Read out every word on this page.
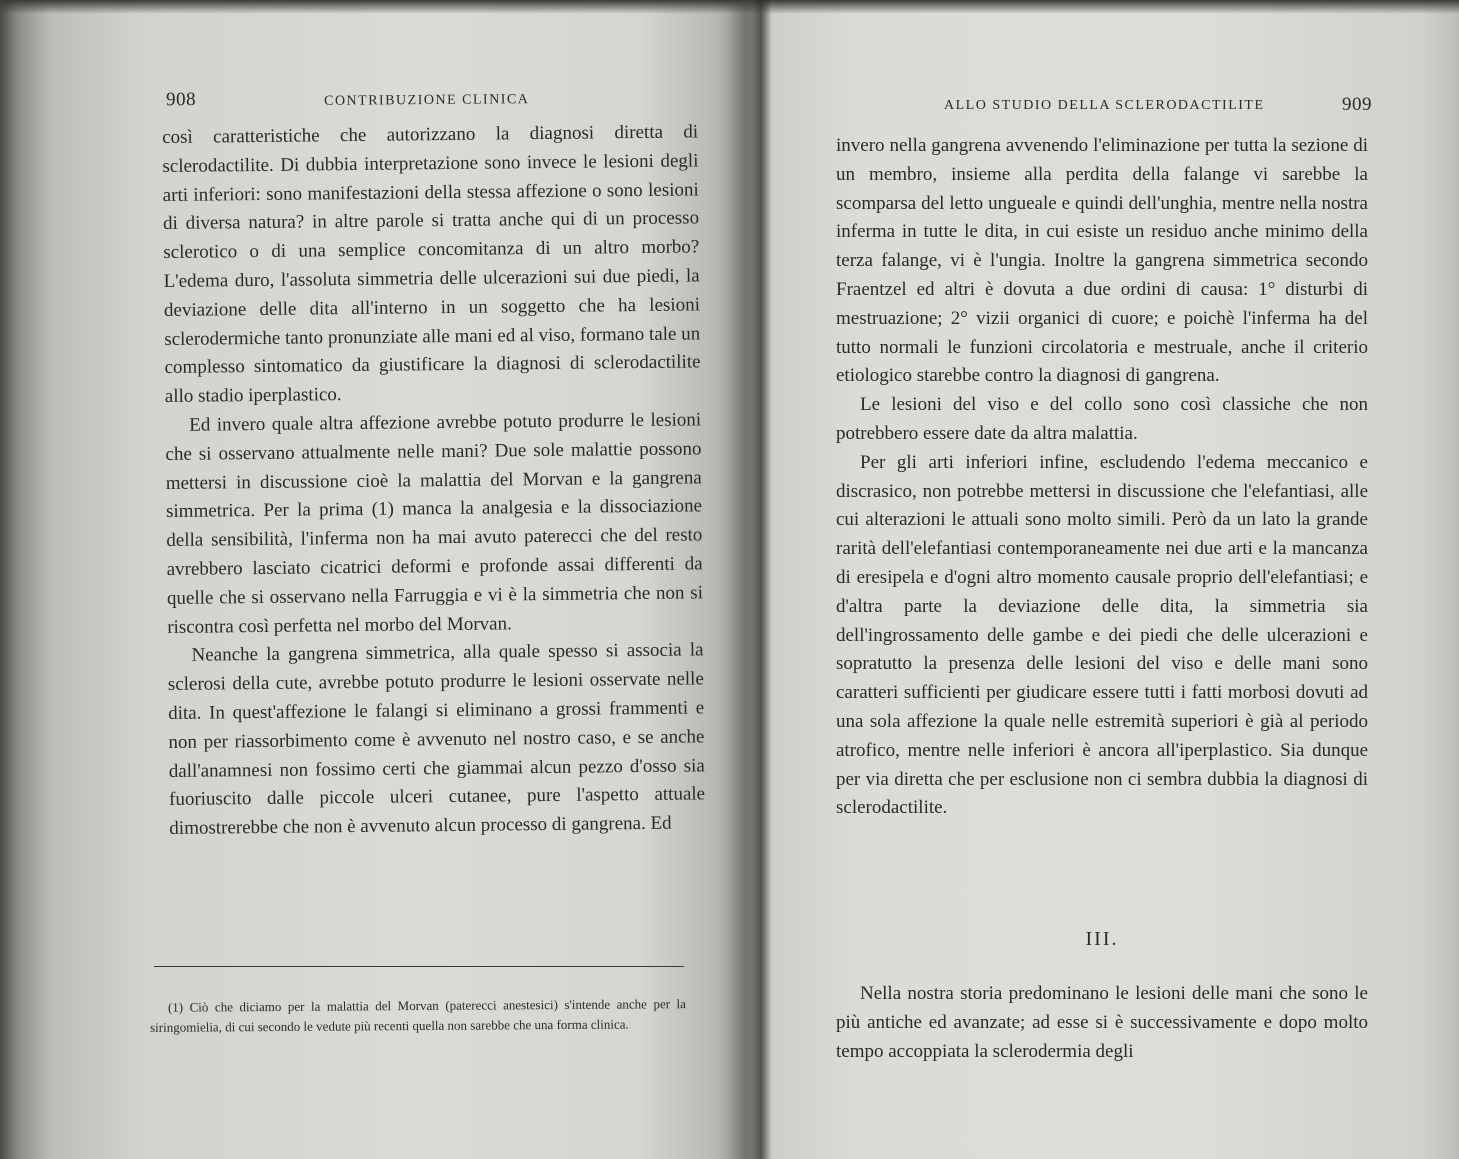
908	CONTRIBUZIONE CLINICA

così caratteristiche che autorizzano la diagnosi diretta di sclerodactilite. Di dubbia interpretazione sono invece le lesioni degli arti inferiori: sono manifestazioni della stessa affezione o sono lesioni di diversa natura? in altre parole si tratta anche qui di un processo sclerotico o di una semplice concomitanza di un altro morbo? L'edema duro, l'assoluta simmetria delle ulcerazioni sui due piedi, la deviazione delle dita all'interno in un soggetto che ha lesioni sclerodermiche tanto pronunziate alle mani ed al viso, formano tale un complesso sintomatico da giustificare la diagnosi di sclerodactilite allo stadio iperplastico.

Ed invero quale altra affezione avrebbe potuto produrre le lesioni che si osservano attualmente nelle mani? Due sole malattie possono mettersi in discussione cioè la malattia del Morvan e la gangrena simmetrica. Per la prima (1) manca la analgesia e la dissociazione della sensibilità, l'inferma non ha mai avuto paterecci che del resto avrebbero lasciato cicatrici deformi e profonde assai differenti da quelle che si osservano nella Farruggia e vi è la simmetria che non si riscontra così perfetta nel morbo del Morvan.

Neanche la gangrena simmetrica, alla quale spesso si associa la sclerosi della cute, avrebbe potuto produrre le lesioni osservate nelle dita. In quest'affezione le falangi si eliminano a grossi frammenti e non per riassorbimento come è avvenuto nel nostro caso, e se anche dall'anamnesi non fossimo certi che giammai alcun pezzo d'osso sia fuoriuscito dalle piccole ulceri cutanee, pure l'aspetto attuale dimostrerebbe che non è avvenuto alcun processo di gangrena. Ed

(1) Ciò che diciamo per la malattia del Morvan (paterecci anestesici) s'intende anche per la siringomielia, di cui secondo le vedute più recenti quella non sarebbe che una forma clinica.

ALLO STUDIO DELLA SCLERODACTILITE	909

invero nella gangrena avvenendo l'eliminazione per tutta la sezione di un membro, insieme alla perdita della falange vi sarebbe la scomparsa del letto ungueale e quindi dell'unghia, mentre nella nostra inferma in tutte le dita, in cui esiste un residuo anche minimo della terza falange, vi è l'ungia. Inoltre la gangrena simmetrica secondo Fraentzel ed altri è dovuta a due ordini di causa: 1° disturbi di mestruazione; 2° vizii organici di cuore; e poichè l'inferma ha del tutto normali le funzioni circolatoria e mestruale, anche il criterio etiologico starebbe contro la diagnosi di gangrena.

Le lesioni del viso e del collo sono così classiche che non potrebbero essere date da altra malattia.

Per gli arti inferiori infine, escludendo l'edema meccanico e discrasico, non potrebbe mettersi in discussione che l'elefantiasi, alle cui alterazioni le attuali sono molto simili. Però da un lato la grande rarità dell'elefantiasi contemporaneamente nei due arti e la mancanza di eresipela e d'ogni altro momento causale proprio dell'elefantiasi; e d'altra parte la deviazione delle dita, la simmetria sia dell'ingrossamento delle gambe e dei piedi che delle ulcerazioni e sopratutto la presenza delle lesioni del viso e delle mani sono caratteri sufficienti per giudicare essere tutti i fatti morbosi dovuti ad una sola affezione la quale nelle estremità superiori è già al periodo atrofico, mentre nelle inferiori è ancora all'iperplastico. Sia dunque per via diretta che per esclusione non ci sembra dubbia la diagnosi di sclerodactilite.

III.

Nella nostra storia predominano le lesioni delle mani che sono le più antiche ed avanzate; ad esse si è successivamente e dopo molto tempo accoppiata la sclerodermia degli
